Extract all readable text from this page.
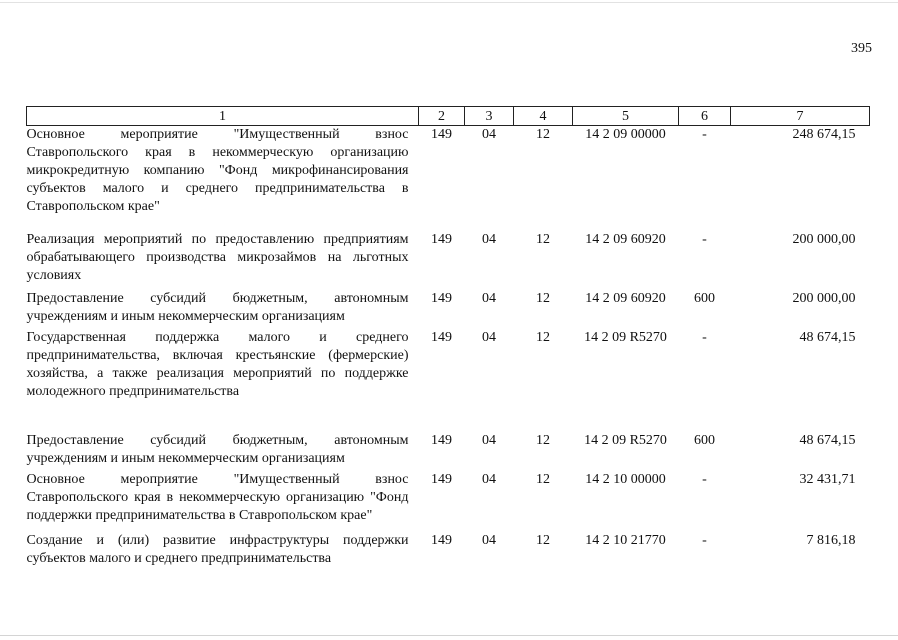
395
1	2	3	4	5	6	7
Основное мероприятие "Имущественный взнос Ставропольского края в некоммерческую организацию микрокредитную компанию "Фонд микрофинансирования субъектов малого и среднего предпринимательства в Ставропольском крае"	149	04	12	14 2 09 00000	-	248 674,15
Реализация мероприятий по предоставлению предприятиям обрабатывающего производства микрозаймов на льготных условиях	149	04	12	14 2 09 60920	-	200 000,00
Предоставление субсидий бюджетным, автономным учреждениям и иным некоммерческим организациям	149	04	12	14 2 09 60920	600	200 000,00
Государственная поддержка малого и среднего предпринимательства, включая крестьянские (фермерские) хозяйства, а также реализация мероприятий по поддержке молодежного предпринимательства	149	04	12	14 2 09 R5270	-	48 674,15
Предоставление субсидий бюджетным, автономным учреждениям и иным некоммерческим организациям	149	04	12	14 2 09 R5270	600	48 674,15
Основное мероприятие "Имущественный взнос Ставропольского края в некоммерческую организацию "Фонд поддержки предпринимательства в Ставропольском крае"	149	04	12	14 2 10 00000	-	32 431,71
Создание и (или) развитие инфраструктуры поддержки субъектов малого и среднего предпринимательства	149	04	12	14 2 10 21770	-	7 816,18
